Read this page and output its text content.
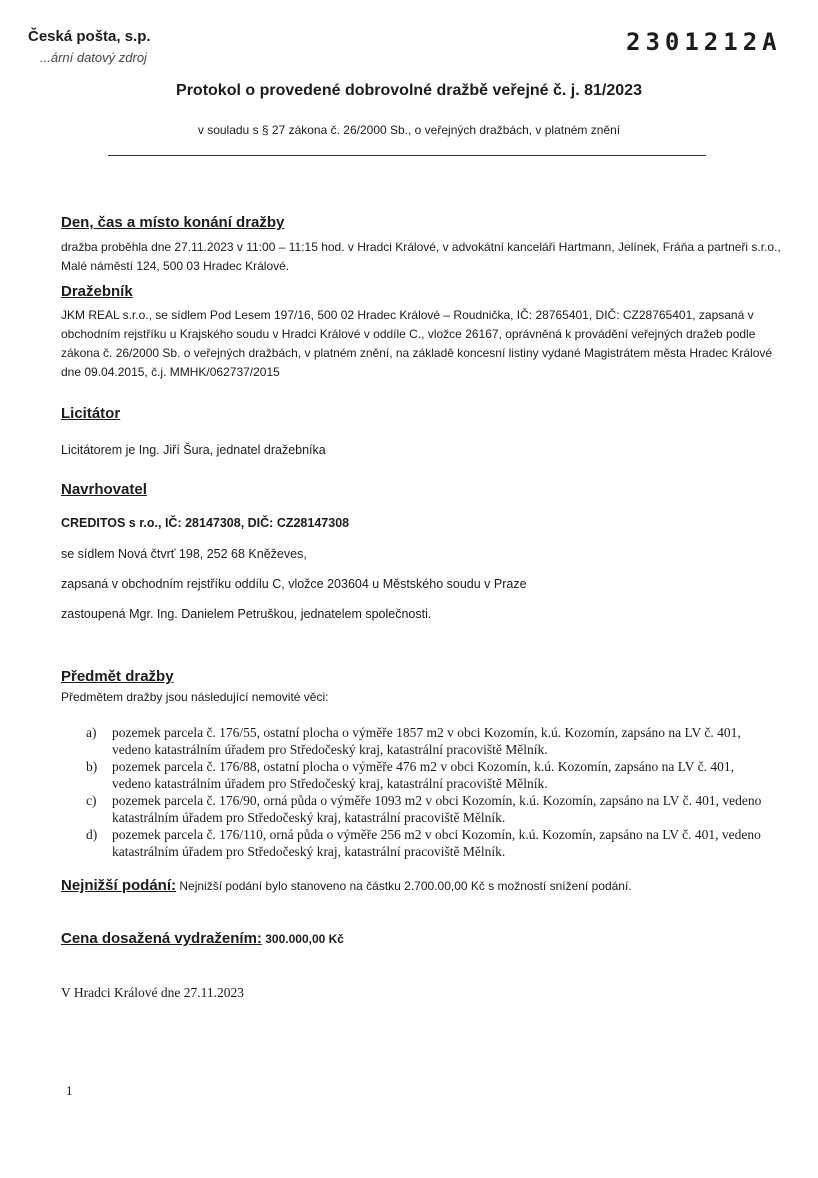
Česká pošta, s.p.
...ární datový zdroj
2301212A
Protokol o provedené dobrovolné dražbě veřejné č. j. 81/2023
v souladu s § 27 zákona č. 26/2000 Sb., o veřejných dražbách, v platném znění
Den, čas a místo konání dražby
dražba proběhla dne 27.11.2023 v 11:00 – 11:15 hod. v Hradci Králové, v advokátní kanceláři Hartmann, Jelínek, Fráňa a partneři s.r.o., Malé náměstí 124, 500 03 Hradec Králové.
Dražebník
JKM REAL s.r.o., se sídlem Pod Lesem 197/16, 500 02 Hradec Králové – Roudnička, IČ: 28765401, DIČ: CZ28765401, zapsaná v obchodním rejstříku u Krajského soudu v Hradci Králové v oddíle C., vložce 26167, oprávněná k provádění veřejných dražeb podle zákona č. 26/2000 Sb. o veřejných dražbách, v platném znění, na základě koncesní listiny vydané Magistrátem města Hradec Králové dne 09.04.2015, č.j. MMHK/062737/2015
Licitátor
Licitátorem je Ing. Jiří Šura, jednatel dražebníka
Navrhovatel
CREDITOS s r.o., IČ: 28147308, DIČ: CZ28147308
se sídlem Nová čtvrť 198, 252 68 Kněževes,
zapsaná v obchodním rejstříku oddílu C, vložce 203604 u Městského soudu v Praze
zastoupená Mgr. Ing. Danielem Petruškou, jednatelem společnosti.
Předmět dražby
Předmětem dražby jsou následující nemovité věci:
a)	pozemek parcela č. 176/55, ostatní plocha o výměře 1857 m2 v obci Kozomín, k.ú. Kozomín, zapsáno na LV č. 401, vedeno katastrálním úřadem pro Středočeský kraj, katastrální pracoviště Mělník.
b)	pozemek parcela č. 176/88, ostatní plocha o výměře 476 m2 v obci Kozomín, k.ú. Kozomín, zapsáno na LV č. 401, vedeno katastrálním úřadem pro Středočeský kraj, katastrální pracoviště Mělník.
c)	pozemek parcela č. 176/90, orná půda o výměře 1093 m2 v obci Kozomín, k.ú. Kozomín, zapsáno na LV č. 401, vedeno katastrálním úřadem pro Středočeský kraj, katastrální pracoviště Mělník.
d)	pozemek parcela č. 176/110, orná půda o výměře 256 m2 v obci Kozomín, k.ú. Kozomín, zapsáno na LV č. 401, vedeno katastrálním úřadem pro Středočeský kraj, katastrální pracoviště Mělník.
Nejnižší podání: Nejnižší podání bylo stanoveno na částku 2.700.00,00 Kč s možností snížení podání.
Cena dosažená vydražením: 300.000,00 Kč
V Hradci Králové dne 27.11.2023
1
